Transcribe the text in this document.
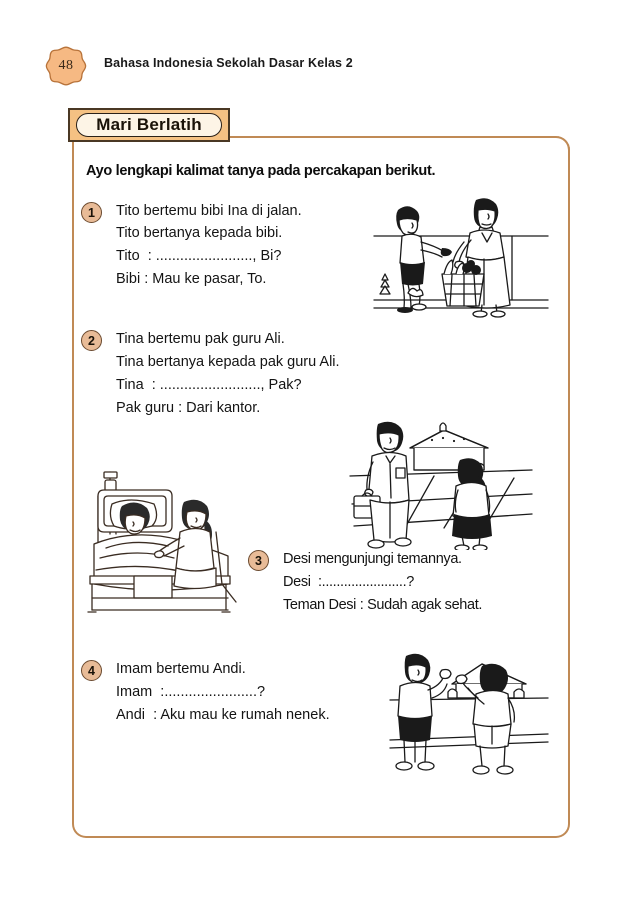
48	Bahasa Indonesia Sekolah Dasar Kelas 2
Mari Berlatih
Ayo lengkapi kalimat tanya pada percakapan berikut.
1	Tito bertemu bibi Ina di jalan.
Tito bertanya kepada bibi.
Tito  : ........................, Bi?
Bibi : Mau ke pasar, To.
2	Tina bertemu pak guru Ali.
Tina bertanya kepada pak guru Ali.
Tina  : ........................., Pak?
Pak guru : Dari kantor.
3	Desi mengunjungi temannya.
Desi  :.......................?
Teman Desi : Sudah agak sehat.
4	Imam bertemu Andi.
Imam  :.......................?
Andi  : Aku mau ke rumah nenek.
